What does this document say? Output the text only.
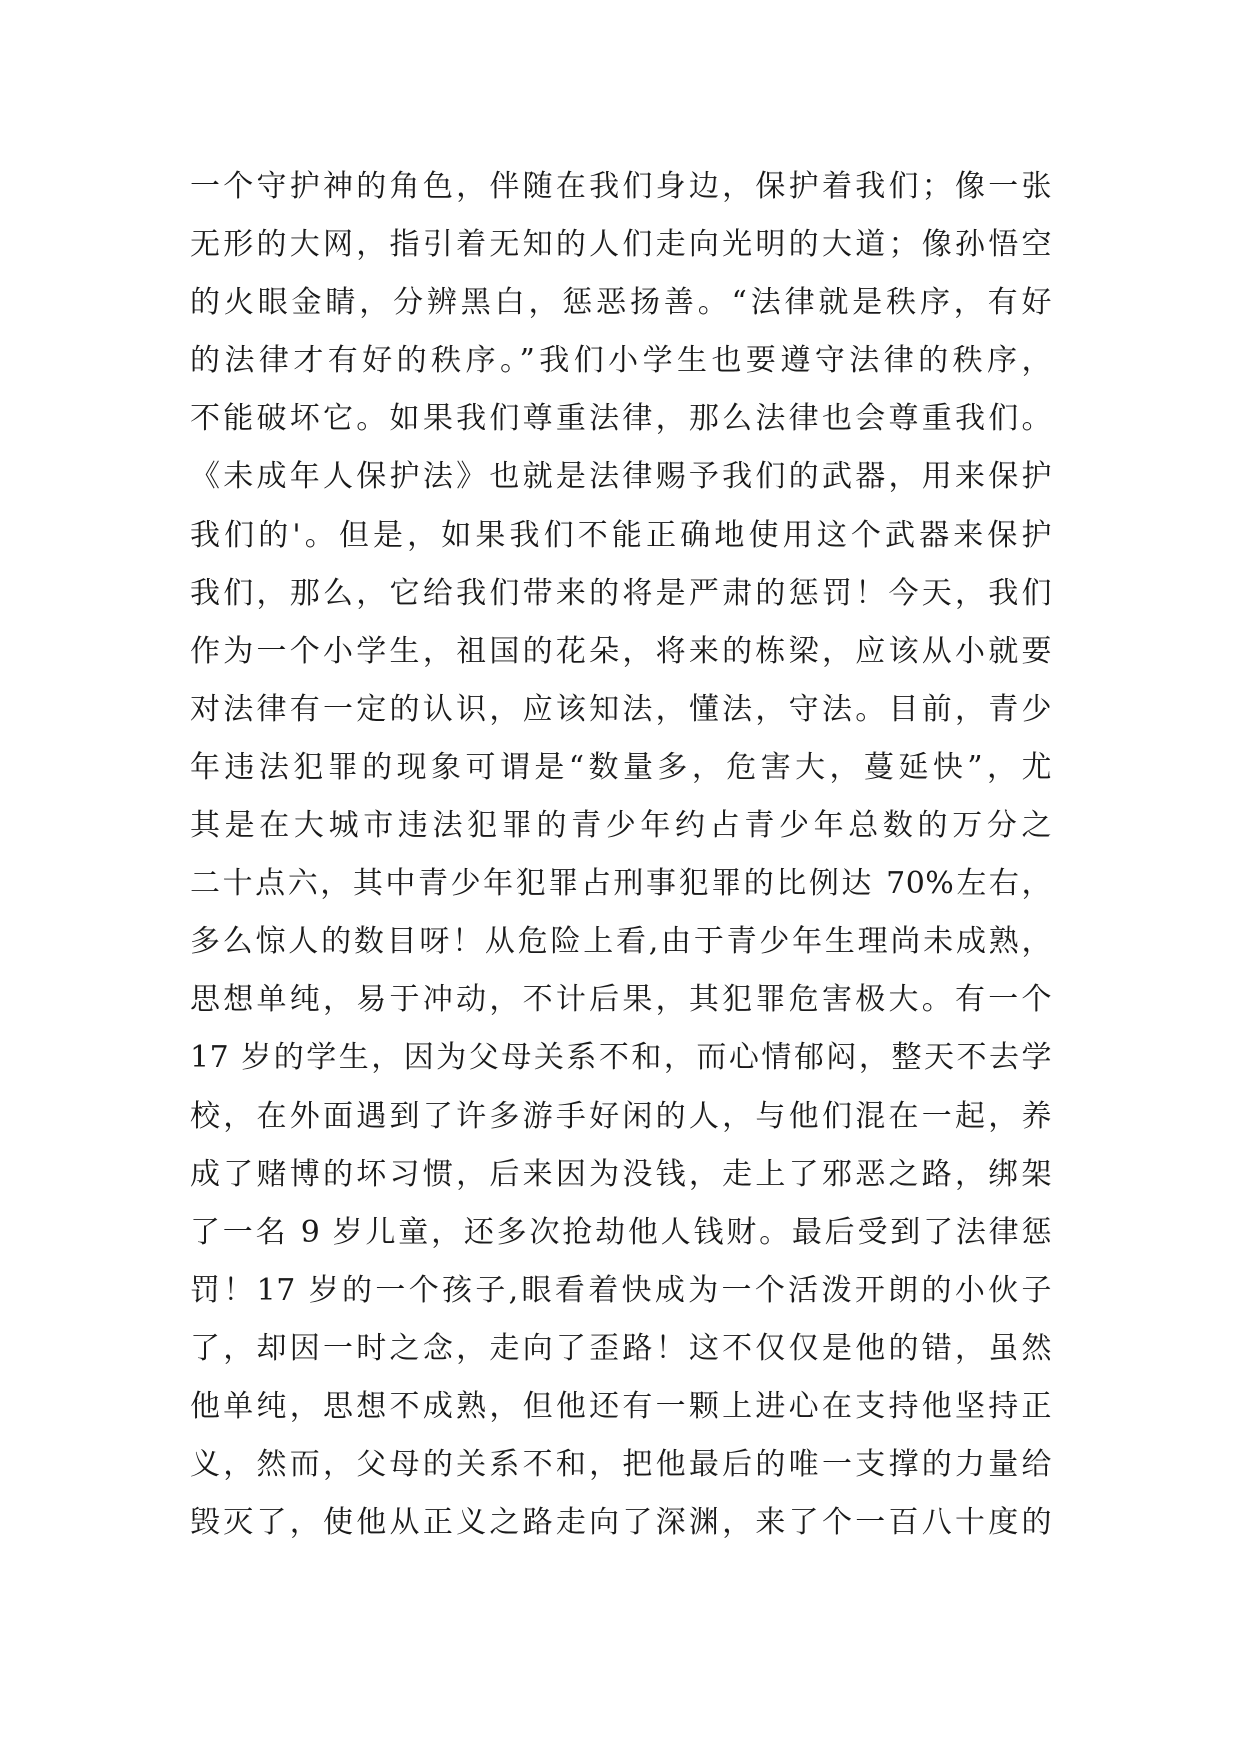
一个守护神的角色，伴随在我们身边，保护着我们；像一张
无形的大网，指引着无知的人们走向光明的大道；像孙悟空
的火眼金睛，分辨黑白，惩恶扬善。“法律就是秩序，有好
的法律才有好的秩序。”我们小学生也要遵守法律的秩序，
不能破坏它。如果我们尊重法律，那么法律也会尊重我们。
《未成年人保护法》也就是法律赐予我们的武器，用来保护
我们的'。但是，如果我们不能正确地使用这个武器来保护
我们，那么，它给我们带来的将是严肃的惩罚！今天，我们
作为一个小学生，祖国的花朵，将来的栋梁，应该从小就要
对法律有一定的认识，应该知法，懂法，守法。目前，青少
年违法犯罪的现象可谓是“数量多，危害大，蔓延快”，尤
其是在大城市违法犯罪的青少年约占青少年总数的万分之
二十点六，其中青少年犯罪占刑事犯罪的比例达 70%左右，
多么惊人的数目呀！从危险上看,由于青少年生理尚未成熟，
思想单纯，易于冲动，不计后果，其犯罪危害极大。有一个
17 岁的学生，因为父母关系不和，而心情郁闷，整天不去学
校，在外面遇到了许多游手好闲的人，与他们混在一起，养
成了赌博的坏习惯，后来因为没钱，走上了邪恶之路，绑架
了一名 9 岁儿童，还多次抢劫他人钱财。最后受到了法律惩
罚！17 岁的一个孩子,眼看着快成为一个活泼开朗的小伙子
了，却因一时之念，走向了歪路！这不仅仅是他的错，虽然
他单纯，思想不成熟，但他还有一颗上进心在支持他坚持正
义，然而，父母的关系不和，把他最后的唯一支撑的力量给
毁灭了，使他从正义之路走向了深渊，来了个一百八十度的
